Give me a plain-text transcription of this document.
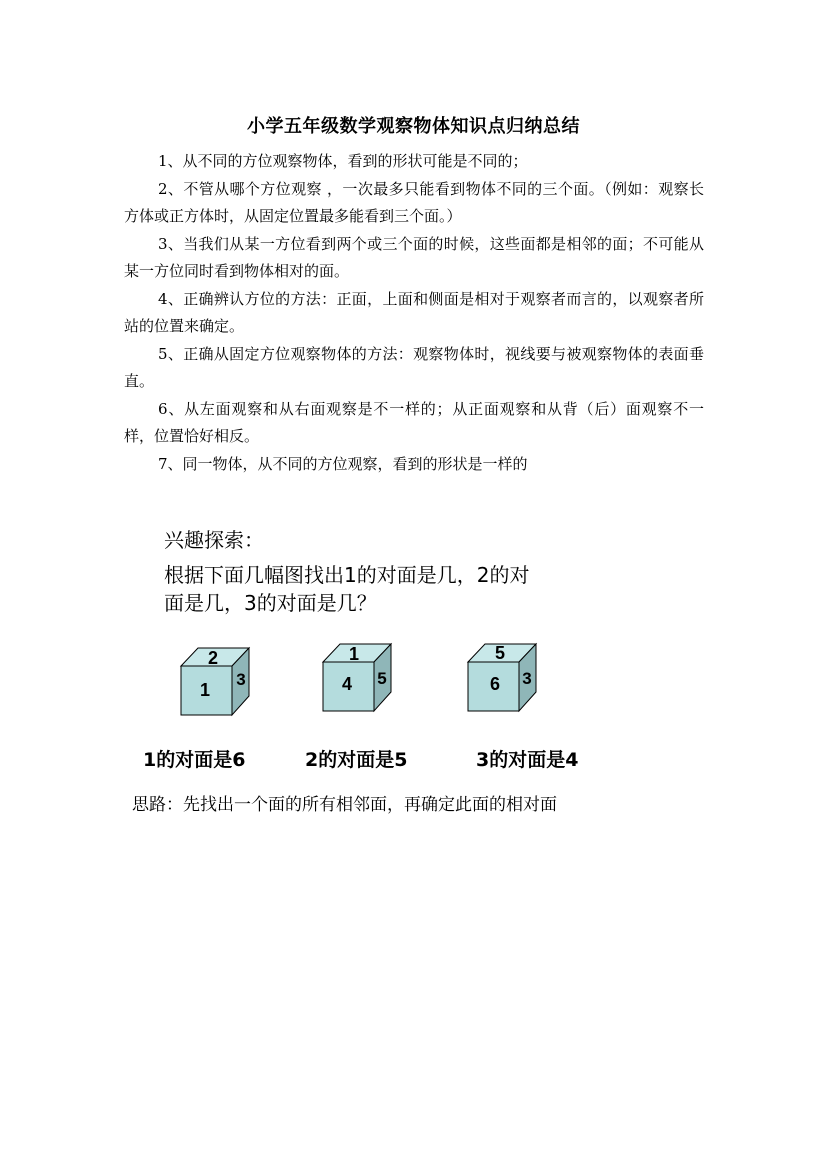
小学五年级数学观察物体知识点归纳总结

1、从不同的方位观察物体，看到的形状可能是不同的；

2、不管从哪个方位观察 ，一次最多只能看到物体不同的三个面。（例如：观察长方体或正方体时，从固定位置最多能看到三个面。）

3、当我们从某一方位看到两个或三个面的时候，这些面都是相邻的面；不可能从某一方位同时看到物体相对的面。

4、正确辨认方位的方法：正面，上面和侧面是相对于观察者而言的，以观察者所站的位置来确定。

5、正确从固定方位观察物体的方法：观察物体时，视线要与被观察物体的表面垂直。

6、从左面观察和从右面观察是不一样的；从正面观察和从背（后）面观察不一样，位置恰好相反。

7、同一物体，从不同的方位观察，看到的形状是一样的

兴趣探索：
根据下面几幅图找出1的对面是几，2的对
面是几，3的对面是几？
2
3
1
1
5
4
5
3
6
1的对面是6	2的对面是5	3的对面是4
思路：先找出一个面的所有相邻面，再确定此面的相对面
